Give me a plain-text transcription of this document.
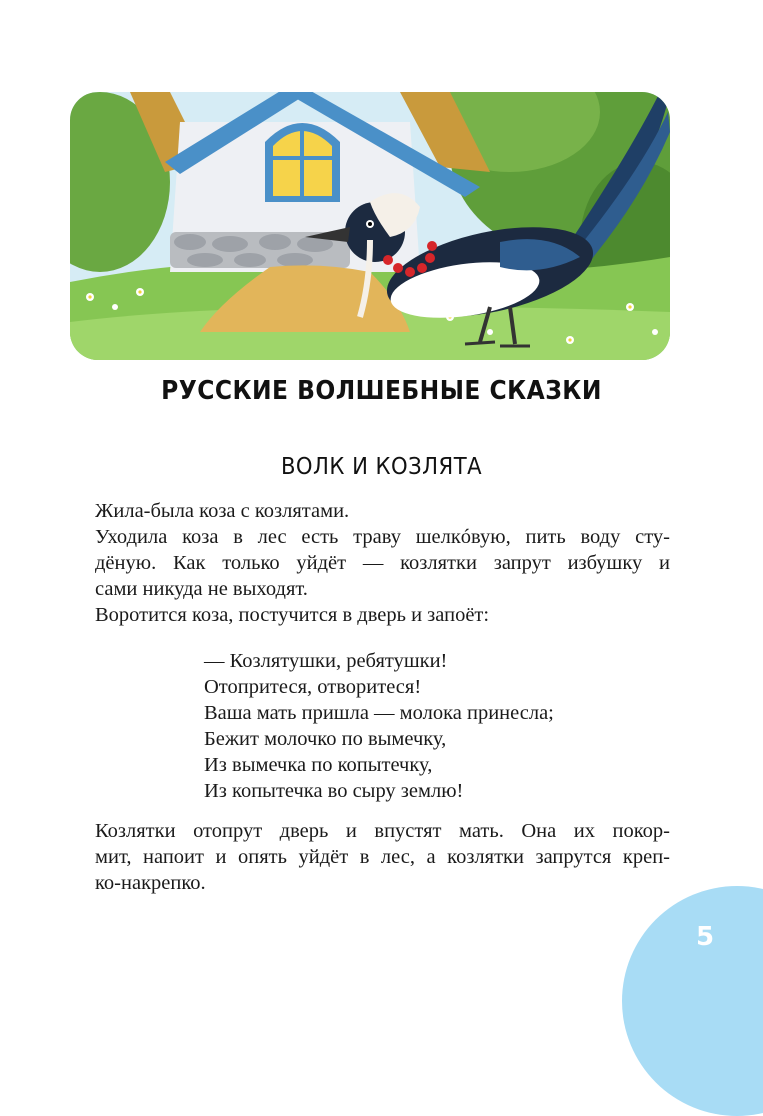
РУССКИЕ ВОЛШЕБНЫЕ СКАЗКИ
ВОЛК И КОЗЛЯТА

Жила-была коза с козлятами.

Уходила коза в лес есть траву шелкóвую, пить воду сту-
дёную. Как только уйдёт — козлятки запрут избушку и
сами никуда не выходят.

Воротится коза, постучится в дверь и запоёт:

— Козлятушки, ребятушки!
Отопритеся, отворитеся!
Ваша мать пришла — молока принесла;
Бежит молочко по вымечку,
Из вымечка по копытечку,
Из копытечка во сыру землю!

Козлятки отопрут дверь и впустят мать. Она их покор-
мит, напоит и опять уйдёт в лес, а козлятки запрутся креп-
ко-накрепко.

5
